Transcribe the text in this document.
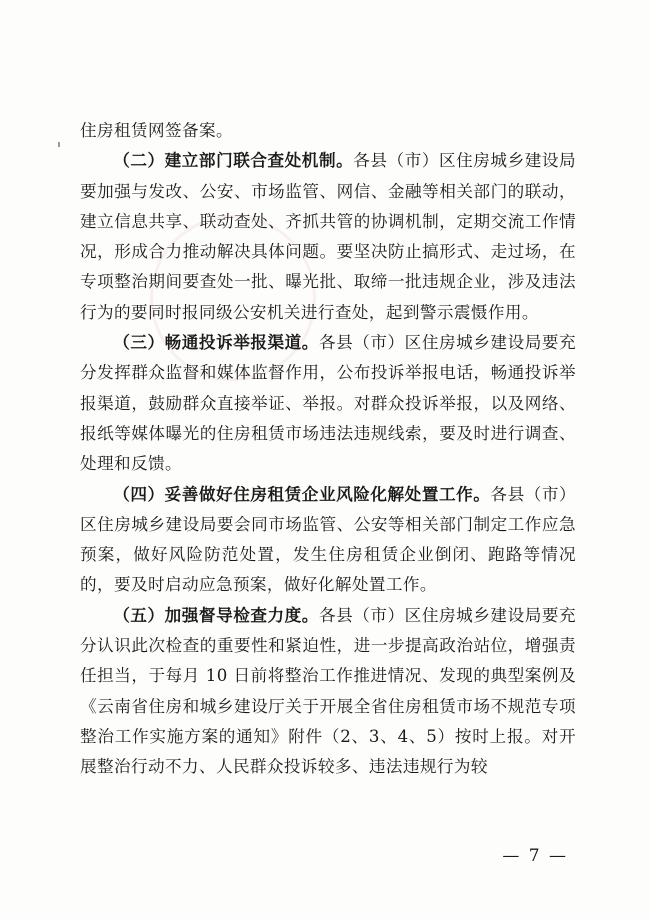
住房租赁网签备案。

（二）建立部门联合查处机制。各县（市）区住房城乡建设局要加强与发改、公安、市场监管、网信、金融等相关部门的联动，建立信息共享、联动查处、齐抓共管的协调机制，定期交流工作情况，形成合力推动解决具体问题。要坚决防止搞形式、走过场，在专项整治期间要查处一批、曝光批、取缔一批违规企业，涉及违法行为的要同时报同级公安机关进行查处，起到警示震慑作用。

（三）畅通投诉举报渠道。各县（市）区住房城乡建设局要充分发挥群众监督和媒体监督作用，公布投诉举报电话，畅通投诉举报渠道，鼓励群众直接举证、举报。对群众投诉举报，以及网络、报纸等媒体曝光的住房租赁市场违法违规线索，要及时进行调查、处理和反馈。

（四）妥善做好住房租赁企业风险化解处置工作。各县（市）区住房城乡建设局要会同市场监管、公安等相关部门制定工作应急预案，做好风险防范处置，发生住房租赁企业倒闭、跑路等情况的，要及时启动应急预案，做好化解处置工作。

（五）加强督导检查力度。各县（市）区住房城乡建设局要充分认识此次检查的重要性和紧迫性，进一步提高政治站位，增强责任担当，于每月 10 日前将整治工作推进情况、发现的典型案例及《云南省住房和城乡建设厅关于开展全省住房租赁市场不规范专项整治工作实施方案的通知》附件（2、3、4、5）按时上报。对开展整治行动不力、人民群众投诉较多、违法违规行为较

— 7 —
